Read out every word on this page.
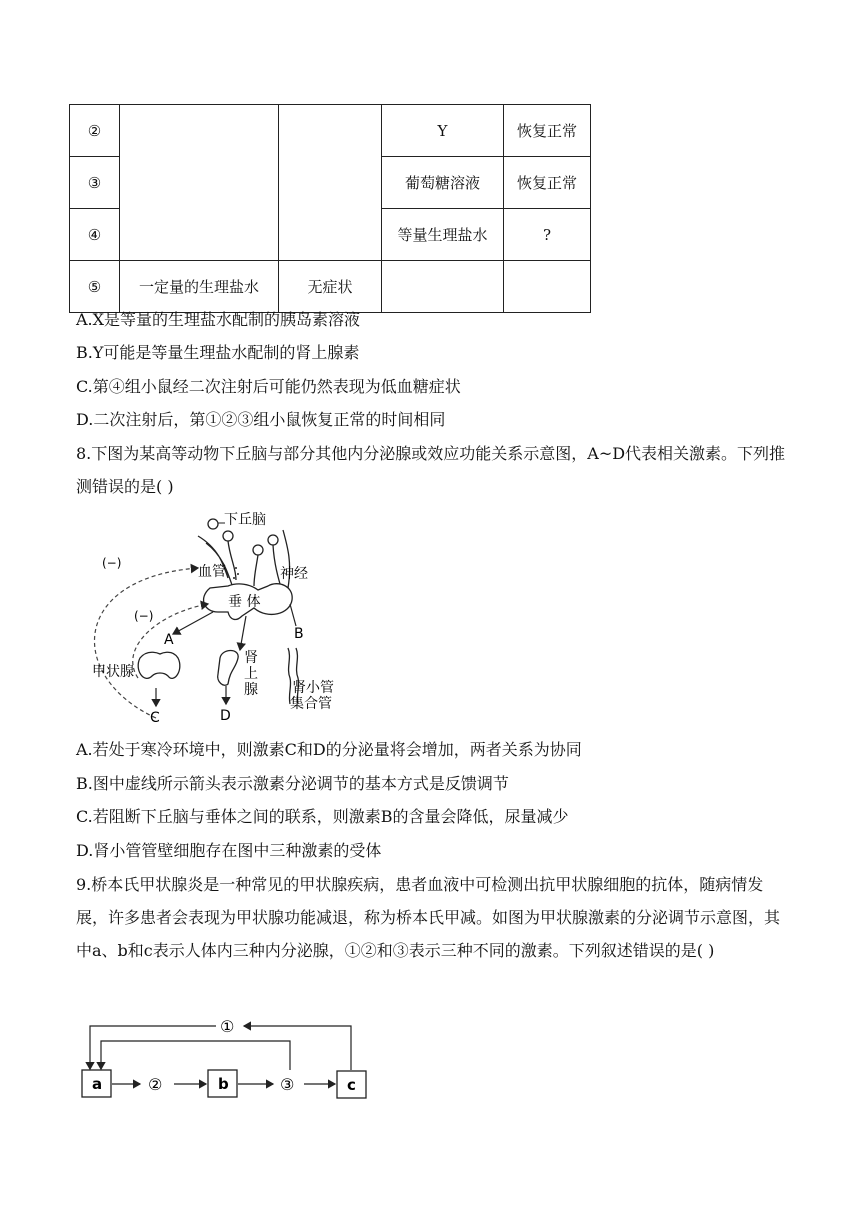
②			Y	恢复正常
③			葡萄糖溶液	恢复正常
④			等量生理盐水	?
⑤	一定量的生理盐水	无症状		
A.X是等量的生理盐水配制的胰岛素溶液
B.Y可能是等量生理盐水配制的肾上腺素
C.第④组小鼠经二次注射后可能仍然表现为低血糖症状
D.二次注射后，第①②③组小鼠恢复正常的时间相同
8.下图为某高等动物下丘脑与部分其他内分泌腺或效应功能关系示意图，A~D代表相关激素。下列推测错误的是( )
下丘脑
血管	神经
垂 体
(−)
(−)
A	B
C	D
甲状腺
肾
上
腺 肾小管
集合管
A.若处于寒冷环境中，则激素C和D的分泌量将会增加，两者关系为协同
B.图中虚线所示箭头表示激素分泌调节的基本方式是反馈调节
C.若阻断下丘脑与垂体之间的联系，则激素B的含量会降低，尿量减少
D.肾小管管壁细胞存在图中三种激素的受体
9.桥本氏甲状腺炎是一种常见的甲状腺疾病，患者血液中可检测出抗甲状腺细胞的抗体，随病情发展，许多患者会表现为甲状腺功能减退，称为桥本氏甲减。如图为甲状腺激素的分泌调节示意图，其中a、b和c表示人体内三种内分泌腺，①②和③表示三种不同的激素。下列叙述错误的是( )
a	b	c
②	③
①
